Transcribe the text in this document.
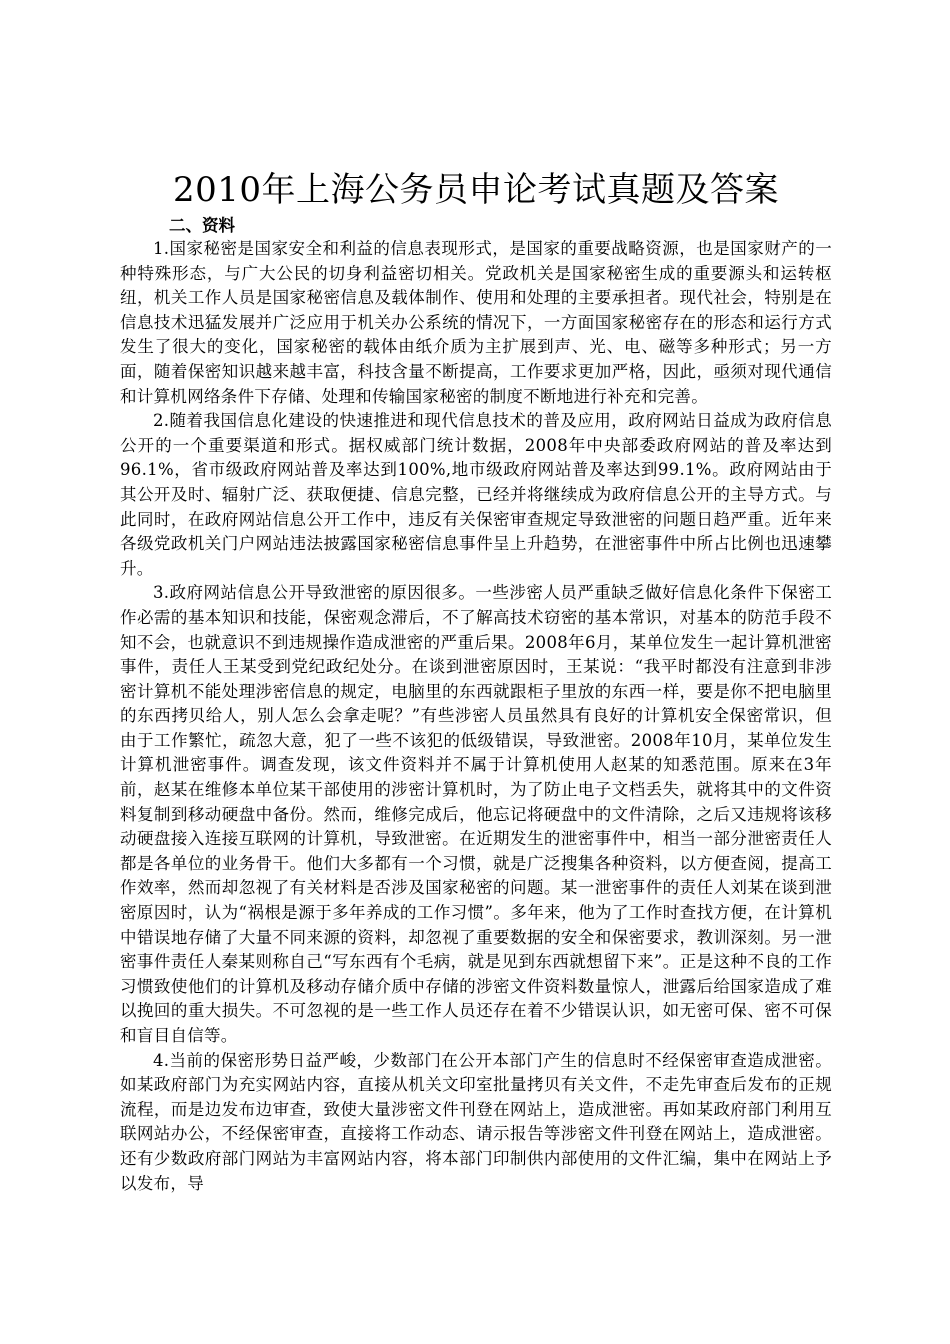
2010年上海公务员申论考试真题及答案

二、资料

1.国家秘密是国家安全和利益的信息表现形式，是国家的重要战略资源，也是国家财产的一种特殊形态，与广大公民的切身利益密切相关。党政机关是国家秘密生成的重要源头和运转枢纽，机关工作人员是国家秘密信息及载体制作、使用和处理的主要承担者。现代社会，特别是在信息技术迅猛发展并广泛应用于机关办公系统的情况下，一方面国家秘密存在的形态和运行方式发生了很大的变化，国家秘密的载体由纸介质为主扩展到声、光、电、磁等多种形式；另一方面，随着保密知识越来越丰富，科技含量不断提高，工作要求更加严格，因此，亟须对现代通信和计算机网络条件下存储、处理和传输国家秘密的制度不断地进行补充和完善。

2.随着我国信息化建设的快速推进和现代信息技术的普及应用，政府网站日益成为政府信息公开的一个重要渠道和形式。据权威部门统计数据，2008年中央部委政府网站的普及率达到96.1%，省市级政府网站普及率达到100%,地市级政府网站普及率达到99.1%。政府网站由于其公开及时、辐射广泛、获取便捷、信息完整，已经并将继续成为政府信息公开的主导方式。与此同时，在政府网站信息公开工作中，违反有关保密审查规定导致泄密的问题日趋严重。近年来各级党政机关门户网站违法披露国家秘密信息事件呈上升趋势，在泄密事件中所占比例也迅速攀升。

3.政府网站信息公开导致泄密的原因很多。一些涉密人员严重缺乏做好信息化条件下保密工作必需的基本知识和技能，保密观念滞后，不了解高技术窃密的基本常识，对基本的防范手段不知不会，也就意识不到违规操作造成泄密的严重后果。2008年6月，某单位发生一起计算机泄密事件，责任人王某受到党纪政纪处分。在谈到泄密原因时，王某说：“我平时都没有注意到非涉密计算机不能处理涉密信息的规定，电脑里的东西就跟柜子里放的东西一样，要是你不把电脑里的东西拷贝给人，别人怎么会拿走呢？”有些涉密人员虽然具有良好的计算机安全保密常识，但由于工作繁忙，疏忽大意，犯了一些不该犯的低级错误，导致泄密。2008年10月，某单位发生计算机泄密事件。调查发现，该文件资料并不属于计算机使用人赵某的知悉范围。原来在3年前，赵某在维修本单位某干部使用的涉密计算机时，为了防止电子文档丢失，就将其中的文件资料复制到移动硬盘中备份。然而，维修完成后，他忘记将硬盘中的文件清除，之后又违规将该移动硬盘接入连接互联网的计算机，导致泄密。在近期发生的泄密事件中，相当一部分泄密责任人都是各单位的业务骨干。他们大多都有一个习惯，就是广泛搜集各种资料，以方便查阅，提高工作效率，然而却忽视了有关材料是否涉及国家秘密的问题。某一泄密事件的责任人刘某在谈到泄密原因时，认为“祸根是源于多年养成的工作习惯”。多年来，他为了工作时查找方便，在计算机中错误地存储了大量不同来源的资料，却忽视了重要数据的安全和保密要求，教训深刻。另一泄密事件责任人秦某则称自己“写东西有个毛病，就是见到东西就想留下来”。正是这种不良的工作习惯致使他们的计算机及移动存储介质中存储的涉密文件资料数量惊人，泄露后给国家造成了难以挽回的重大损失。不可忽视的是一些工作人员还存在着不少错误认识，如无密可保、密不可保和盲目自信等。

4.当前的保密形势日益严峻，少数部门在公开本部门产生的信息时不经保密审查造成泄密。如某政府部门为充实网站内容，直接从机关文印室批量拷贝有关文件，不走先审查后发布的正规流程，而是边发布边审查，致使大量涉密文件刊登在网站上，造成泄密。再如某政府部门利用互联网站办公，不经保密审查，直接将工作动态、请示报告等涉密文件刊登在网站上，造成泄密。还有少数政府部门网站为丰富网站内容，将本部门印制供内部使用的文件汇编，集中在网站上予以发布，导
